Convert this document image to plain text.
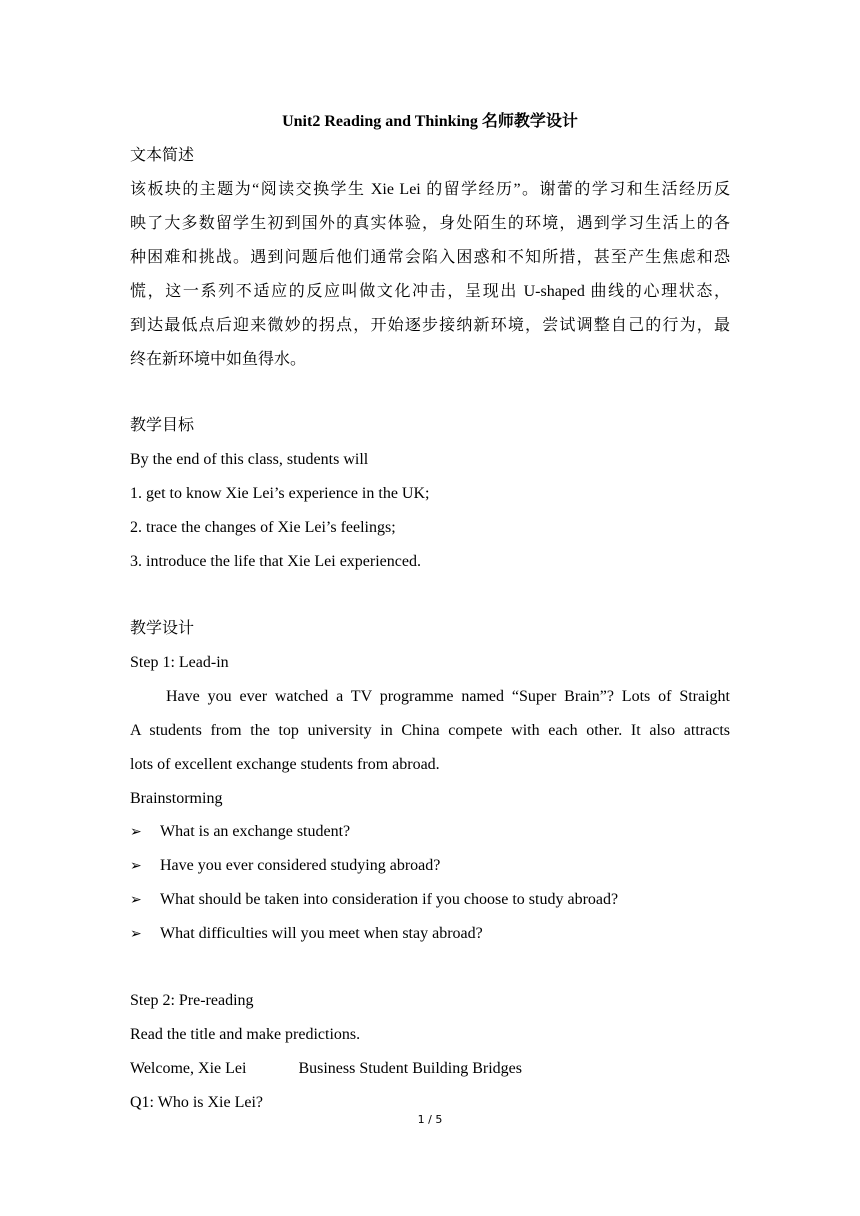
Unit2 Reading and Thinking 名师教学设计
文本简述
该板块的主题为“阅读交换学生 Xie Lei 的留学经历”。谢蕾的学习和生活经历反
映了大多数留学生初到国外的真实体验，身处陌生的环境，遇到学习生活上的各
种困难和挑战。遇到问题后他们通常会陷入困惑和不知所措，甚至产生焦虑和恐
慌，这一系列不适应的反应叫做文化冲击，呈现出 U-shaped 曲线的心理状态，
到达最低点后迎来微妙的拐点，开始逐步接纳新环境，尝试调整自己的行为，最
终在新环境中如鱼得水。
教学目标
By the end of this class, students will
1. get to know Xie Lei’s experience in the UK;
2. trace the changes of Xie Lei’s feelings;
3. introduce the life that Xie Lei experienced.
教学设计
Step 1: Lead-in
Have you ever watched a TV programme named “Super Brain”? Lots of Straight
A students from the top university in China compete with each other. It also attracts
lots of excellent exchange students from abroad.
Brainstorming
➢ What is an exchange student?
➢ Have you ever considered studying abroad?
➢ What should be taken into consideration if you choose to study abroad?
➢ What difficulties will you meet when stay abroad?
Step 2: Pre-reading
Read the title and make predictions.
Welcome, Xie Lei	Business Student Building Bridges
Q1: Who is Xie Lei?
1 / 5
